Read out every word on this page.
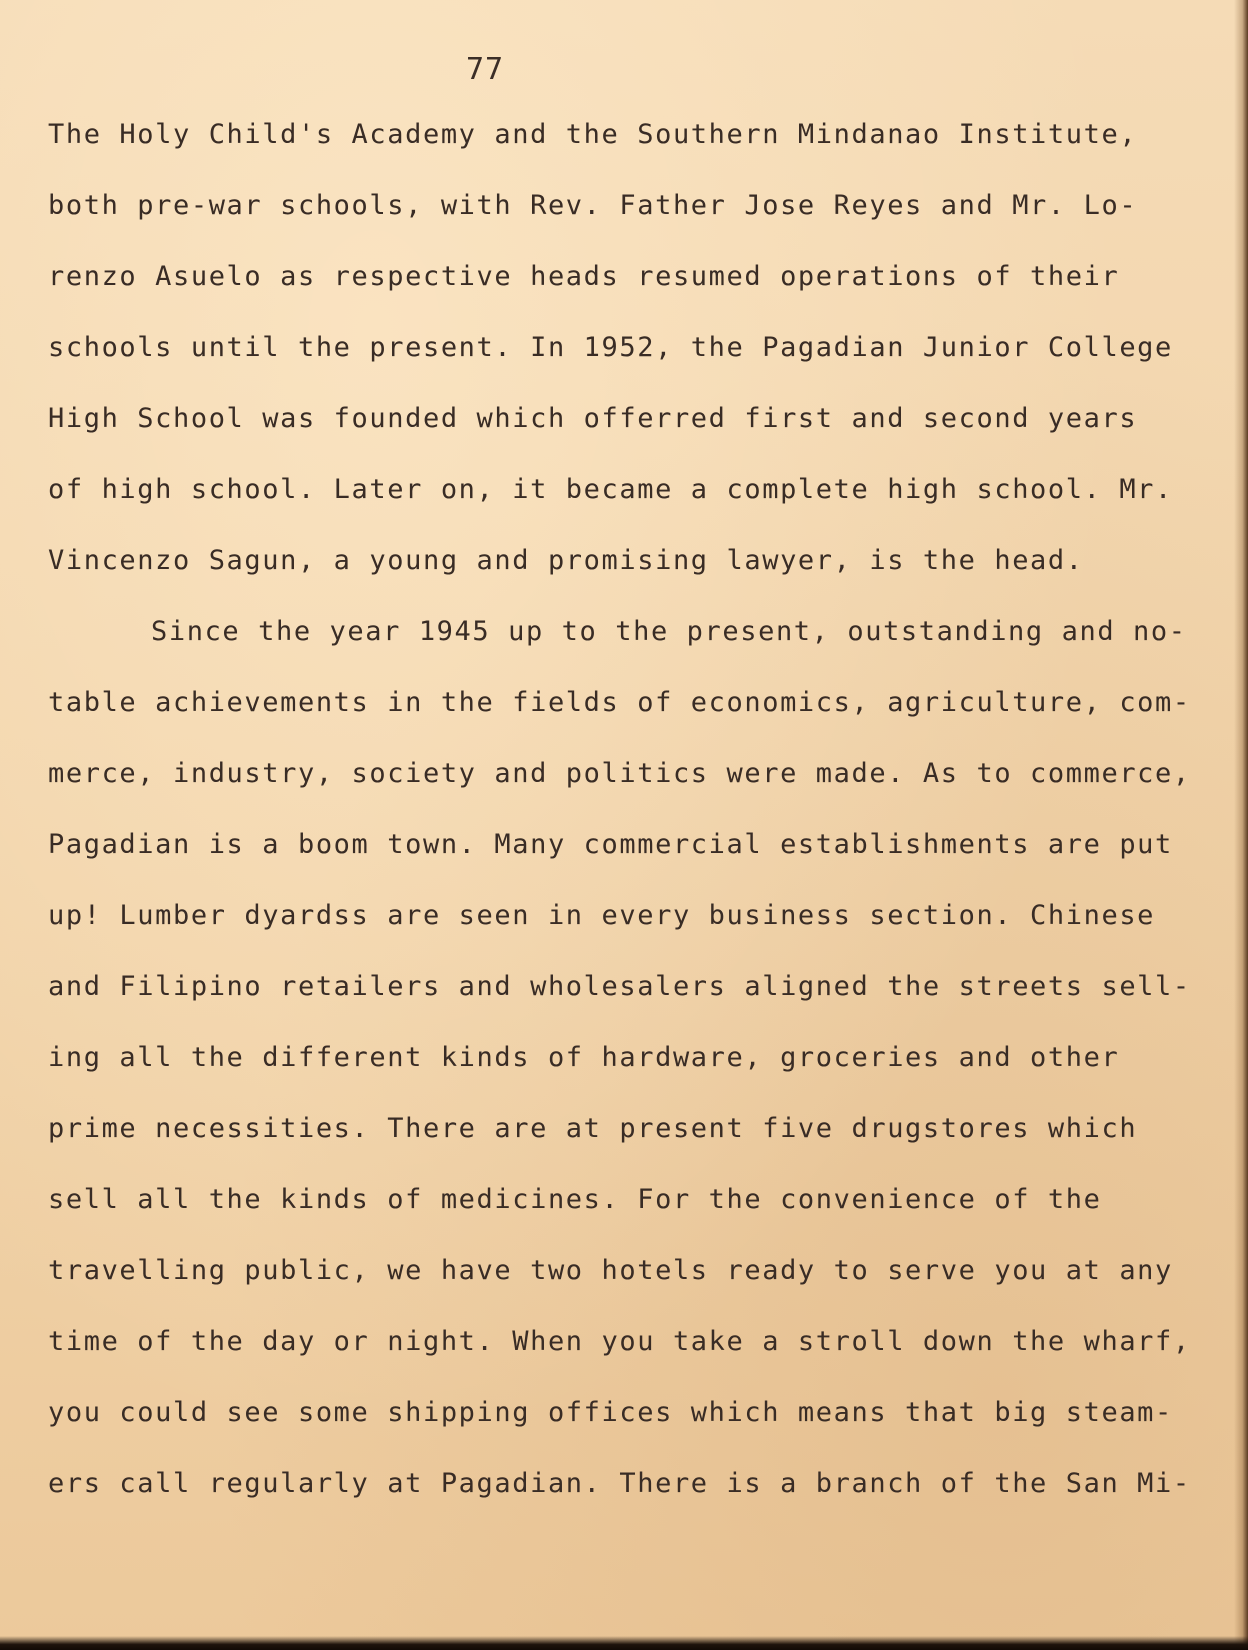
77
The Holy Child's Academy and the Southern Mindanao Institute,
both pre-war schools, with Rev. Father Jose Reyes and Mr. Lo-
renzo Asuelo as respective heads resumed operations of their
schools until the present. In 1952, the Pagadian Junior College
High School was founded which offerred first and second years
of high school. Later on, it became a complete high school. Mr.
Vincenzo Sagun, a young and promising lawyer, is the head.
Since the year 1945 up to the present, outstanding and no-
table achievements in the fields of economics, agriculture, com-
merce, industry, society and politics were made. As to commerce,
Pagadian is a boom town. Many commercial establishments are put
up! Lumber dyardss are seen in every business section. Chinese
and Filipino retailers and wholesalers aligned the streets sell-
ing all the different kinds of hardware, groceries and other
prime necessities. There are at present five drugstores which
sell all the kinds of medicines. For the convenience of the
travelling public, we have two hotels ready to serve you at any
time of the day or night. When you take a stroll down the wharf,
you could see some shipping offices which means that big steam-
ers call regularly at Pagadian. There is a branch of the San Mi-
